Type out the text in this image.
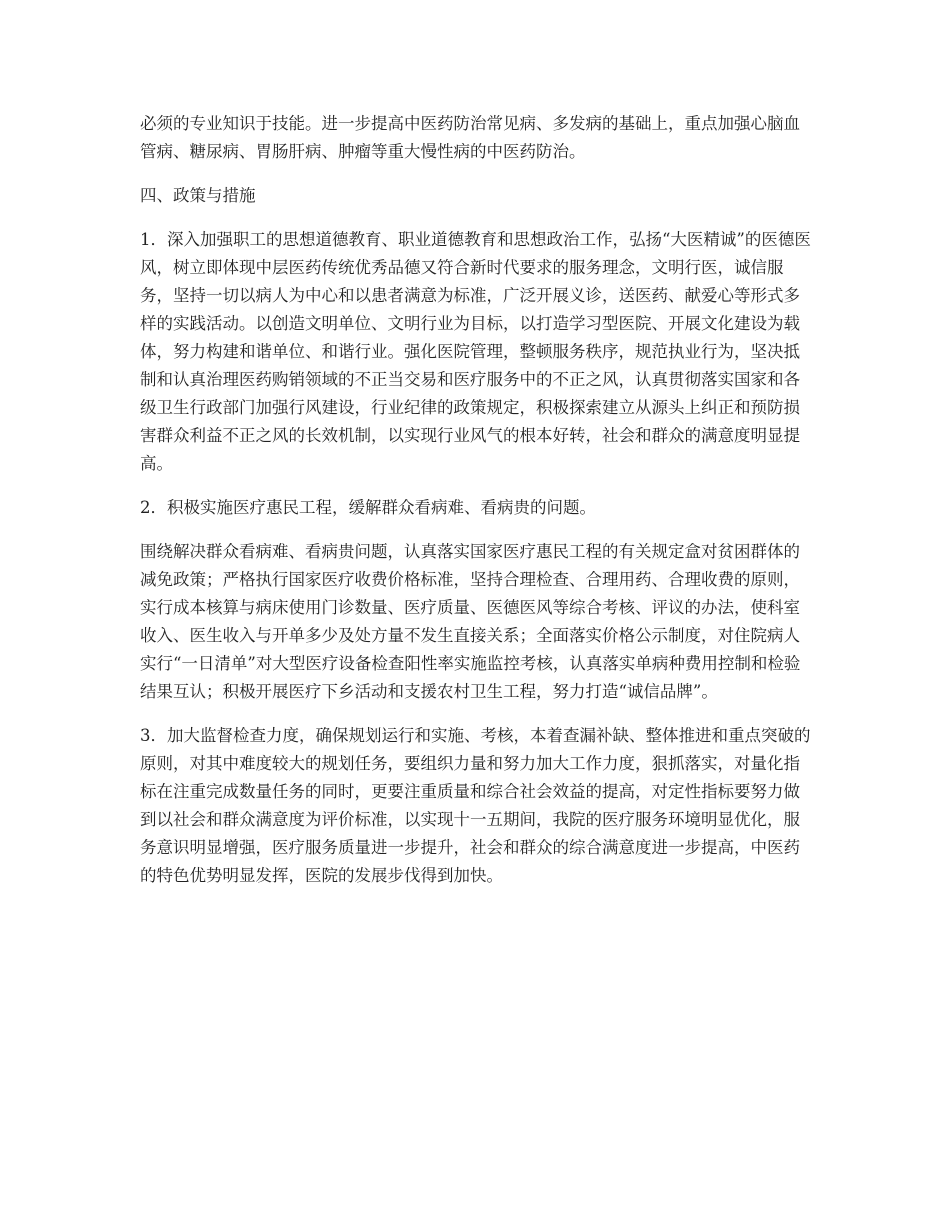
必须的专业知识于技能。进一步提高中医药防治常见病、多发病的基础上，重点加强心脑血管病、糖尿病、胃肠肝病、肿瘤等重大慢性病的中医药防治。

四、政策与措施

1．深入加强职工的思想道德教育、职业道德教育和思想政治工作，弘扬“大医精诚”的医德医风，树立即体现中层医药传统优秀品德又符合新时代要求的服务理念，文明行医，诚信服务，坚持一切以病人为中心和以患者满意为标准，广泛开展义诊，送医药、献爱心等形式多样的实践活动。以创造文明单位、文明行业为目标，以打造学习型医院、开展文化建设为载体，努力构建和谐单位、和谐行业。强化医院管理，整顿服务秩序，规范执业行为，坚决抵制和认真治理医药购销领域的不正当交易和医疗服务中的不正之风，认真贯彻落实国家和各级卫生行政部门加强行风建设，行业纪律的政策规定，积极探索建立从源头上纠正和预防损害群众利益不正之风的长效机制，以实现行业风气的根本好转，社会和群众的满意度明显提高。

2．积极实施医疗惠民工程，缓解群众看病难、看病贵的问题。

围绕解决群众看病难、看病贵问题，认真落实国家医疗惠民工程的有关规定盒对贫困群体的减免政策；严格执行国家医疗收费价格标准，坚持合理检查、合理用药、合理收费的原则，实行成本核算与病床使用门诊数量、医疗质量、医德医风等综合考核、评议的办法，使科室收入、医生收入与开单多少及处方量不发生直接关系；全面落实价格公示制度，对住院病人实行“一日清单”对大型医疗设备检查阳性率实施监控考核，认真落实单病种费用控制和检验结果互认；积极开展医疗下乡活动和支援农村卫生工程，努力打造“诚信品牌”。

3．加大监督检查力度，确保规划运行和实施、考核，本着查漏补缺、整体推进和重点突破的原则，对其中难度较大的规划任务，要组织力量和努力加大工作力度，狠抓落实，对量化指标在注重完成数量任务的同时，更要注重质量和综合社会效益的提高，对定性指标要努力做到以社会和群众满意度为评价标准，以实现十一五期间，我院的医疗服务环境明显优化，服务意识明显增强，医疗服务质量进一步提升，社会和群众的综合满意度进一步提高，中医药的特色优势明显发挥，医院的发展步伐得到加快。
